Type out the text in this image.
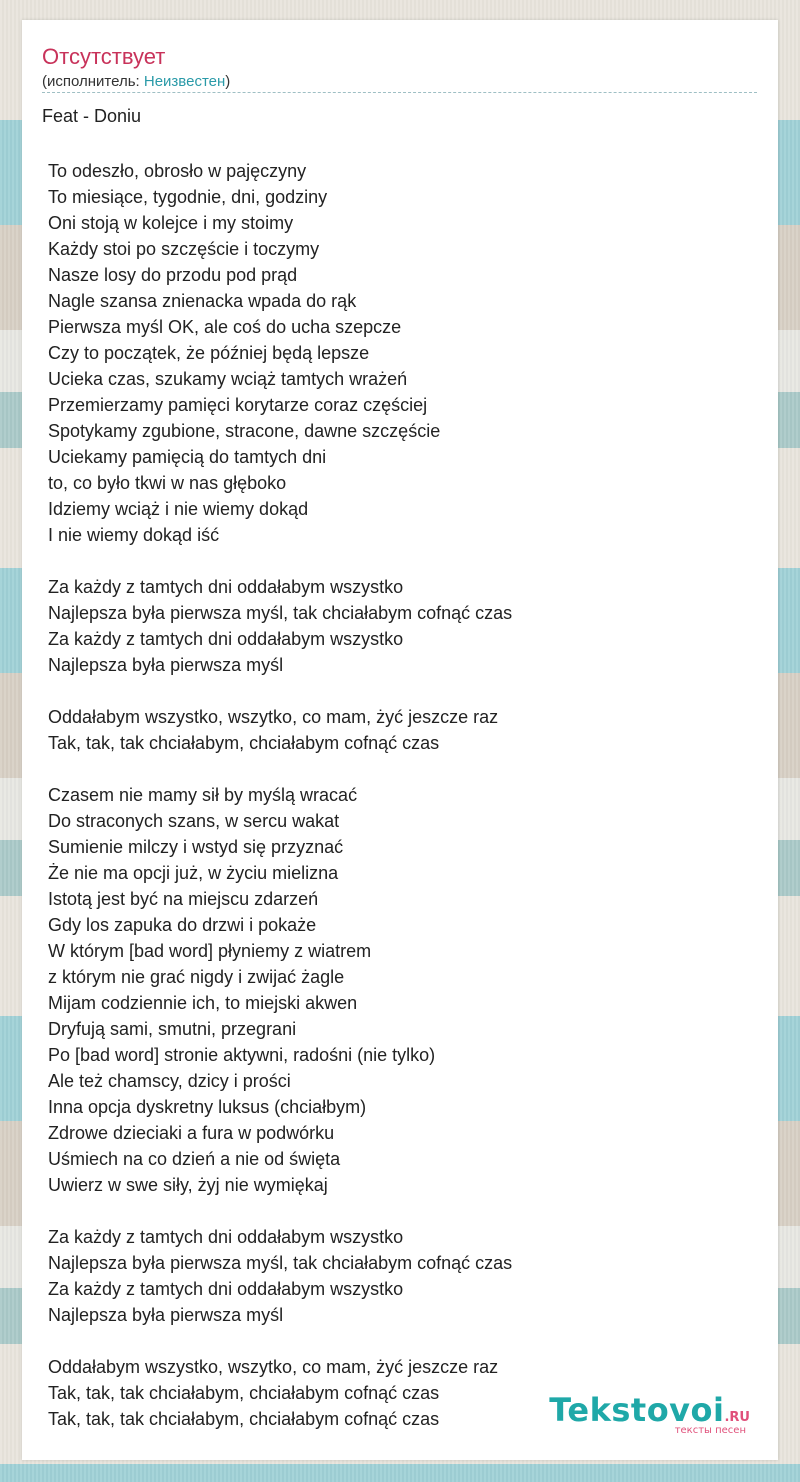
Отсутствует
(исполнитель: Неизвестен)
Feat - Doniu
To odeszło, obrosło w pajęczyny
To miesiące, tygodnie, dni, godziny
Oni stoją w kolejce i my stoimy
Każdy stoi po szczęście i toczymy
Nasze losy do przodu pod prąd
Nagle szansa znienacka wpada do rąk
Pierwsza myśl OK, ale coś do ucha szepcze
Czy to początek, że później będą lepsze
Ucieka czas, szukamy wciąż tamtych wrażeń
Przemierzamy pamięci korytarze coraz częściej
Spotykamy zgubione, stracone, dawne szczęście
Uciekamy pamięcią do tamtych dni
to, co było tkwi w nas głęboko
Idziemy wciąż i nie wiemy dokąd
I nie wiemy dokąd iść
Za każdy z tamtych dni oddałabym wszystko
Najlepsza była pierwsza myśl, tak chciałabym cofnąć czas
Za każdy z tamtych dni oddałabym wszystko
Najlepsza była pierwsza myśl
Oddałabym wszystko, wszytko, co mam, żyć jeszcze raz
Tak, tak, tak chciałabym, chciałabym cofnąć czas
Czasem nie mamy sił by myślą wracać
Do straconych szans, w sercu wakat
Sumienie milczy i wstyd się przyznać
Że nie ma opcji już, w życiu mielizna
Istotą jest być na miejscu zdarzeń
Gdy los zapuka do drzwi i pokaże
W którym [bad word] płyniemy z wiatrem
z którym nie grać nigdy i zwijać żagle
Mijam codziennie ich, to miejski akwen
Dryfują sami, smutni, przegrani
Po [bad word] stronie aktywni, radośni (nie tylko)
Ale też chamscy, dzicy i prości
Inna opcja dyskretny luksus (chciałbym)
Zdrowe dzieciaki a fura w podwórku
Uśmiech na co dzień a nie od święta
Uwierz w swe siły, żyj nie wymiękaj
Za każdy z tamtych dni oddałabym wszystko
Najlepsza była pierwsza myśl, tak chciałabym cofnąć czas
Za każdy z tamtych dni oddałabym wszystko
Najlepsza była pierwsza myśl
Oddałabym wszystko, wszytko, co mam, żyć jeszcze raz
Tak, tak, tak chciałabym, chciałabym cofnąć czas
Tak, tak, tak chciałabym, chciałabym cofnąć czas	Tekstovoi.RU
тексты песен
